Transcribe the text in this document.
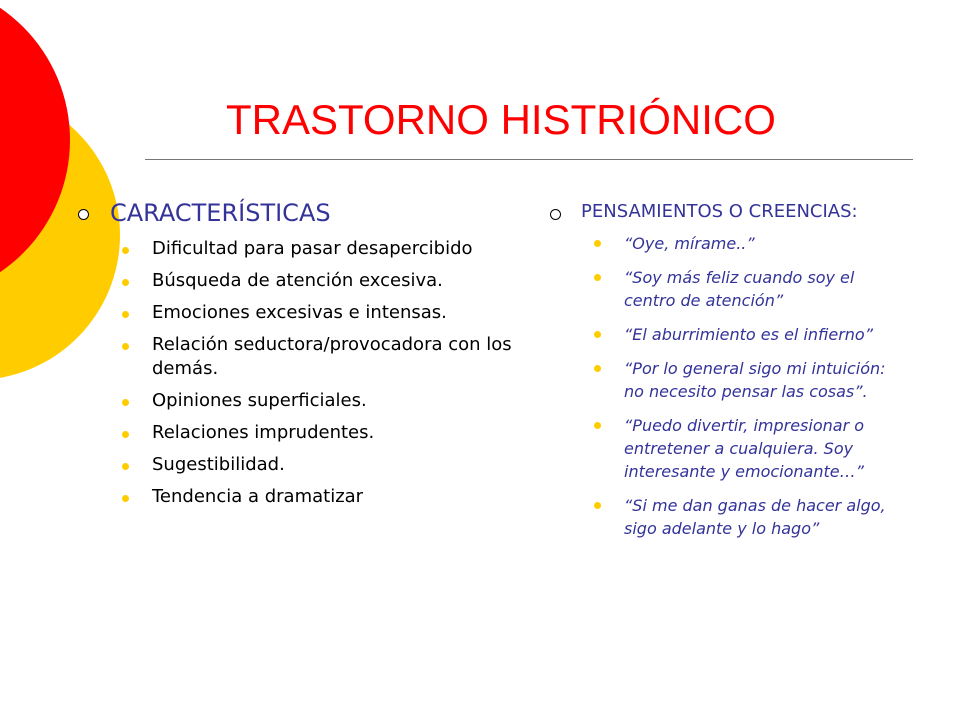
TRASTORNO HISTRIÓNICO
CARACTERÍSTICAS
Dificultad para pasar desapercibido
Búsqueda de atención excesiva.
Emociones excesivas e intensas.
Relación seductora/provocadora con los demás.
Opiniones superficiales.
Relaciones imprudentes.
Sugestibilidad.
Tendencia a dramatizar
PENSAMIENTOS O CREENCIAS:
“Oye, mírame..”
“Soy más feliz cuando soy el centro de atención”
“El aburrimiento es el infierno”
“Por lo general sigo mi intuición: no necesito pensar las cosas”.
“Puedo divertir, impresionar o entretener a cualquiera. Soy interesante y emocionante…”
“Si me dan ganas de hacer algo, sigo adelante y lo hago”
